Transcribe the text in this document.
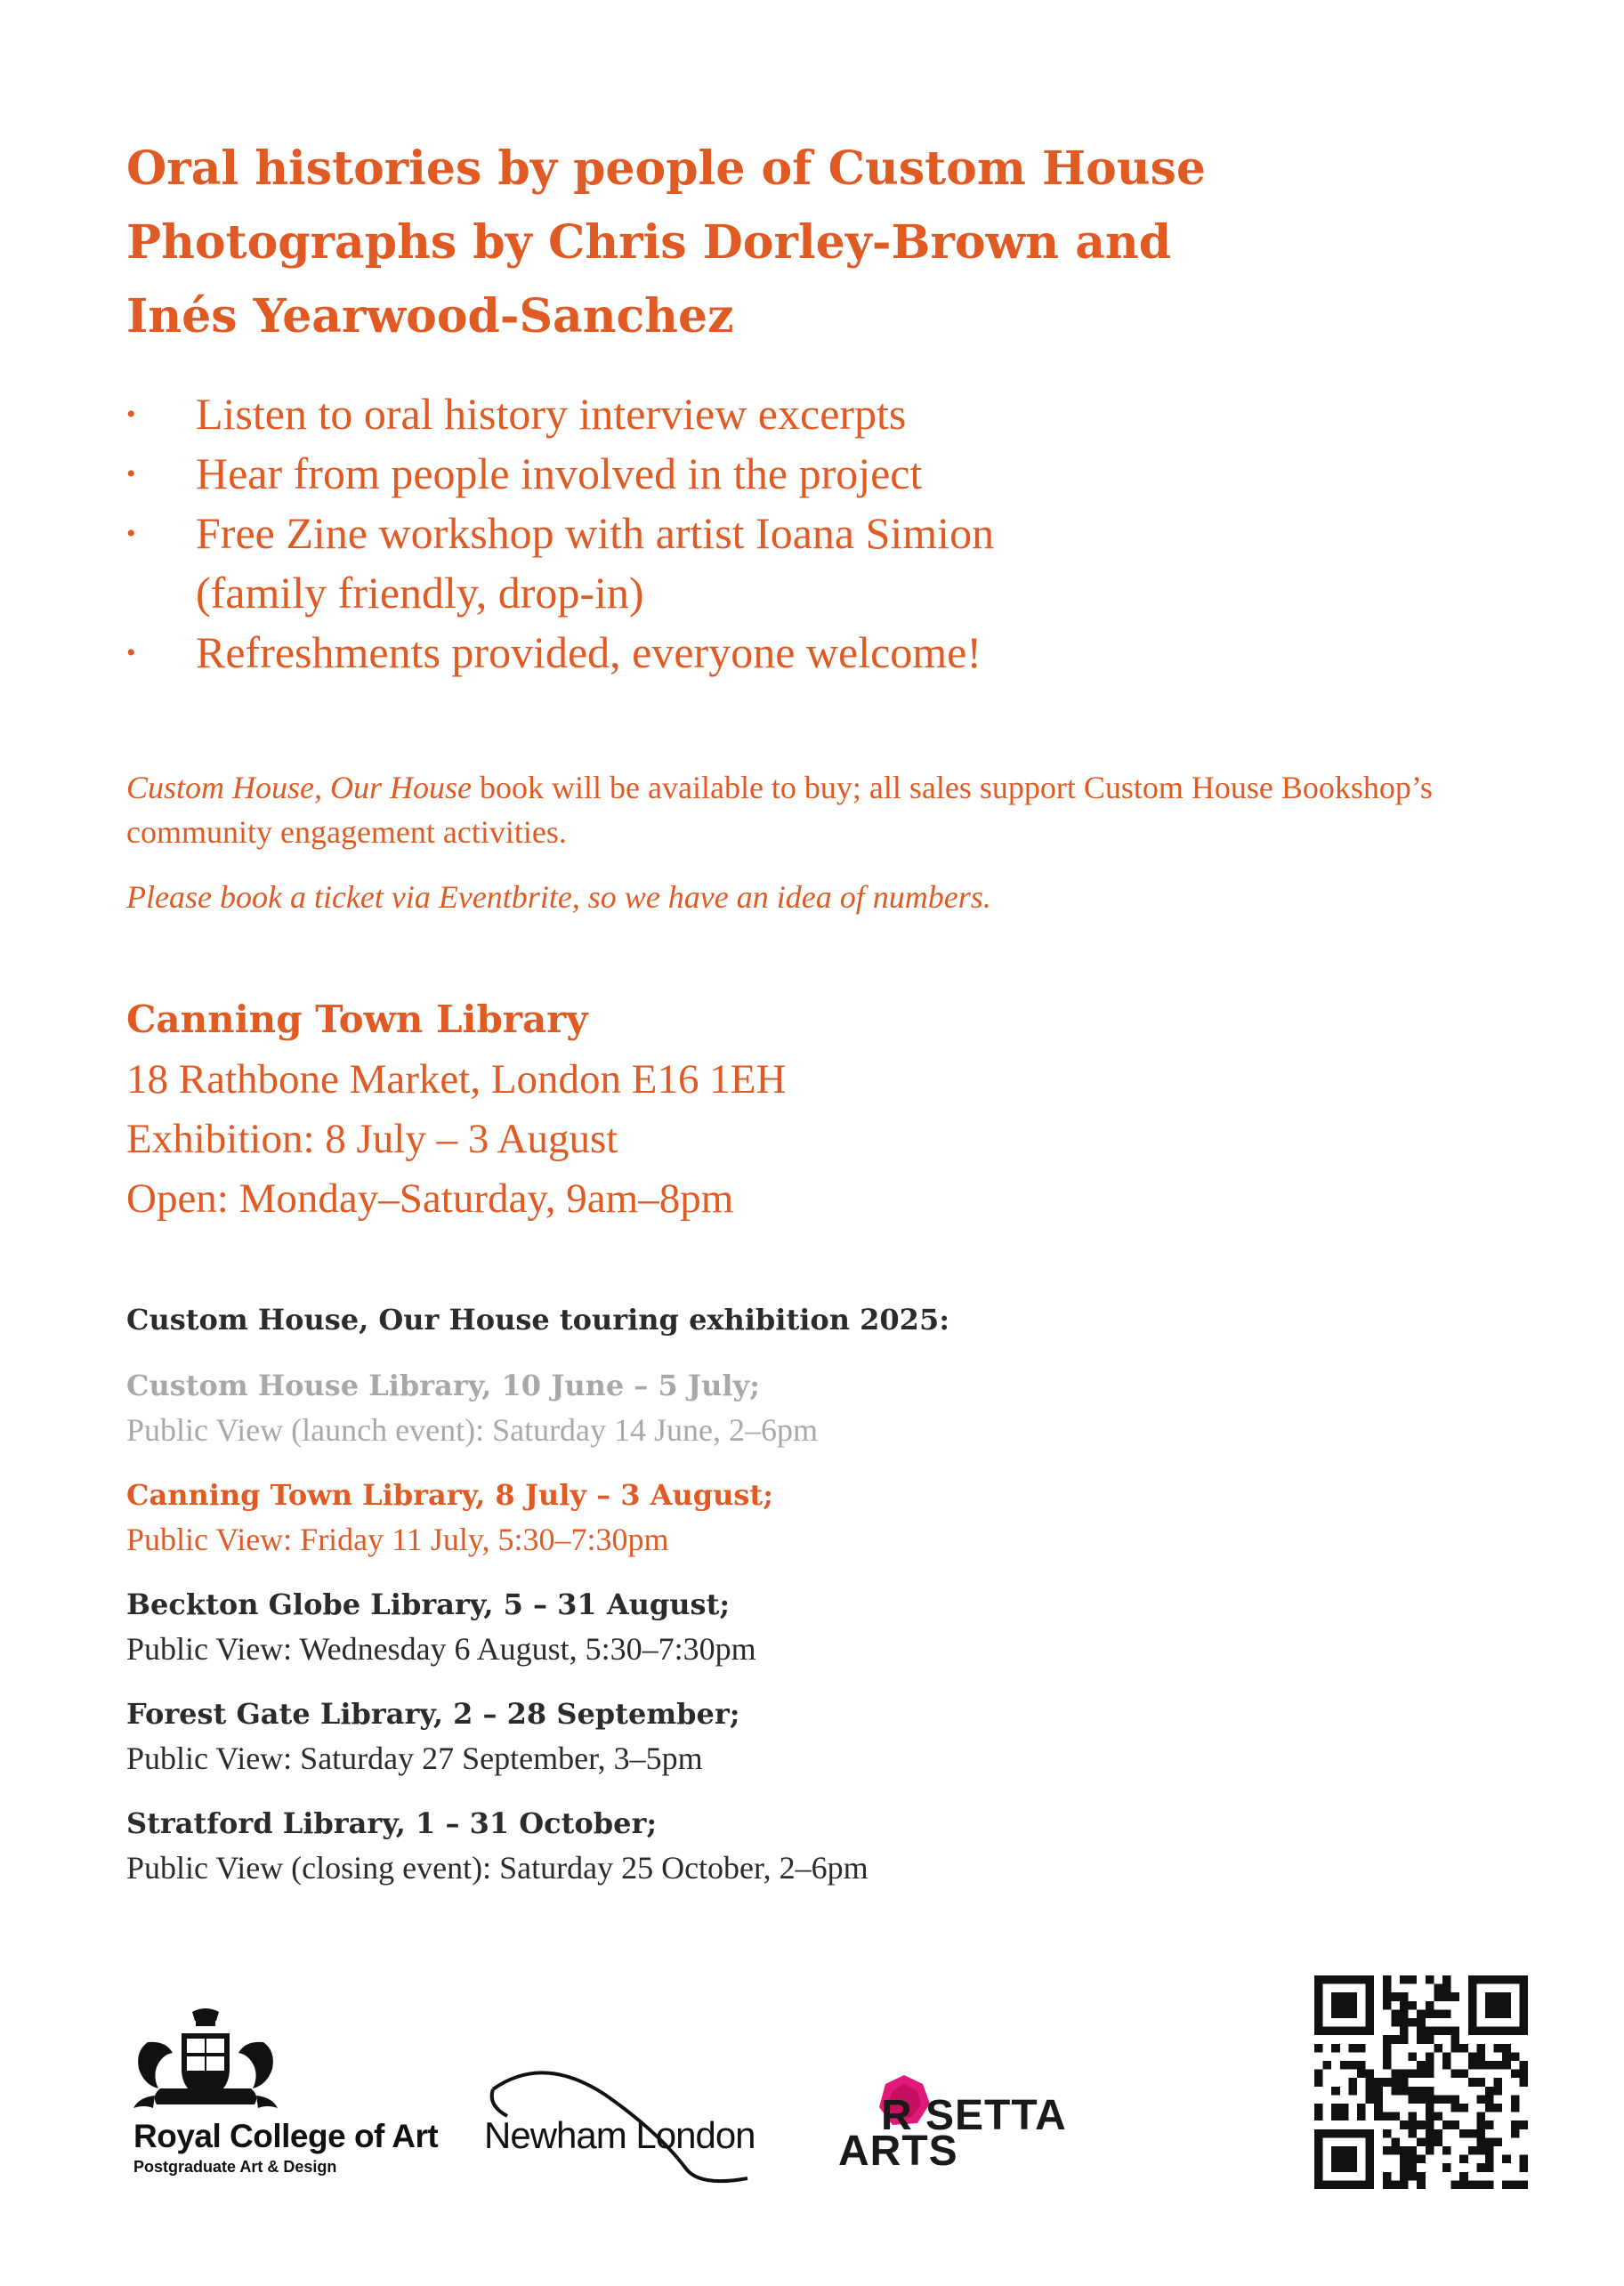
Oral histories by people of Custom House
Photographs by Chris Dorley-Brown and
Inés Yearwood-Sanchez
• Listen to oral history interview excerpts
• Hear from people involved in the project
• Free Zine workshop with artist Ioana Simion
(family friendly, drop-in)
• Refreshments provided, everyone welcome!

Custom House, Our House book will be available to buy; all sales support Custom House Bookshop’s community engagement activities.

Please book a ticket via Eventbrite, so we have an idea of numbers.

Canning Town Library
18 Rathbone Market, London E16 1EH
Exhibition: 8 July – 3 August
Open: Monday–Saturday, 9am–8pm
Custom House, Our House touring exhibition 2025:
Custom House Library, 10 June – 5 July;
Public View (launch event): Saturday 14 June, 2–6pm
Canning Town Library, 8 July – 3 August;
Public View: Friday 11 July, 5:30–7:30pm
Beckton Globe Library, 5 – 31 August;
Public View: Wednesday 6 August, 5:30–7:30pm
Forest Gate Library, 2 – 28 September;
Public View: Saturday 27 September, 3–5pm
Stratford Library, 1 – 31 October;
Public View (closing event): Saturday 25 October, 2–6pm
Royal College of Art
Postgraduate Art & Design
Newham London	R SETTA
ARTS
